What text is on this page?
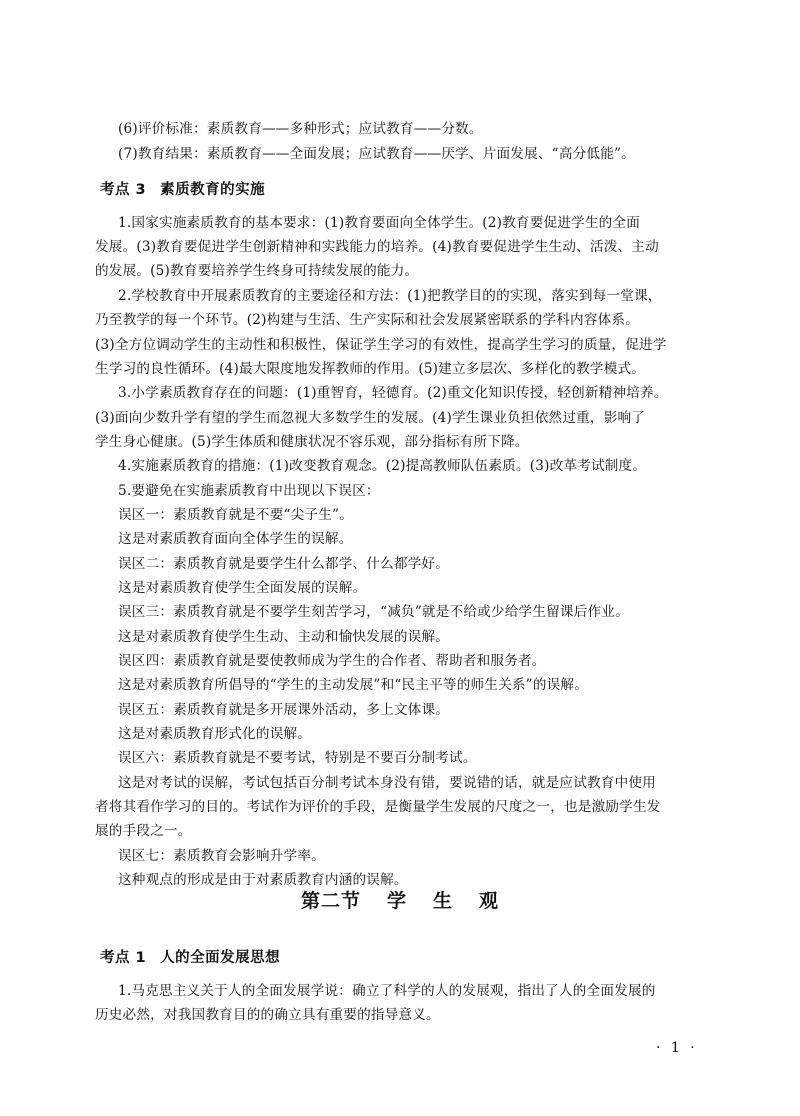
(6)评价标准：素质教育——多种形式；应试教育——分数。
(7)教育结果：素质教育——全面发展；应试教育——厌学、片面发展、“高分低能”。
考点 3 素质教育的实施
1.国家实施素质教育的基本要求：(1)教育要面向全体学生。(2)教育要促进学生的全面
发展。(3)教育要促进学生创新精神和实践能力的培养。(4)教育要促进学生生动、活泼、主动
的发展。(5)教育要培养学生终身可持续发展的能力。
2.学校教育中开展素质教育的主要途径和方法：(1)把教学目的的实现，落实到每一堂课，
乃至教学的每一个环节。(2)构建与生活、生产实际和社会发展紧密联系的学科内容体系。
(3)全方位调动学生的主动性和积极性，保证学生学习的有效性，提高学生学习的质量，促进学
生学习的良性循环。(4)最大限度地发挥教师的作用。(5)建立多层次、多样化的教学模式。
3.小学素质教育存在的问题：(1)重智育，轻德育。(2)重文化知识传授，轻创新精神培养。
(3)面向少数升学有望的学生而忽视大多数学生的发展。(4)学生课业负担依然过重，影响了
学生身心健康。(5)学生体质和健康状况不容乐观，部分指标有所下降。
4.实施素质教育的措施：(1)改变教育观念。(2)提高教师队伍素质。(3)改革考试制度。
5.要避免在实施素质教育中出现以下误区：
误区一：素质教育就是不要“尖子生”。
这是对素质教育面向全体学生的误解。
误区二：素质教育就是要学生什么都学、什么都学好。
这是对素质教育使学生全面发展的误解。
误区三：素质教育就是不要学生刻苦学习，“减负”就是不给或少给学生留课后作业。
这是对素质教育使学生生动、主动和愉快发展的误解。
误区四：素质教育就是要使教师成为学生的合作者、帮助者和服务者。
这是对素质教育所倡导的“学生的主动发展”和“民主平等的师生关系”的误解。
误区五：素质教育就是多开展课外活动，多上文体课。
这是对素质教育形式化的误解。
误区六：素质教育就是不要考试，特别是不要百分制考试。
这是对考试的误解，考试包括百分制考试本身没有错，要说错的话，就是应试教育中使用
者将其看作学习的目的。考试作为评价的手段，是衡量学生发展的尺度之一，也是激励学生发
展的手段之一。
误区七：素质教育会影响升学率。
这种观点的形成是由于对素质教育内涵的误解。
第二节 学 生 观
考点 1 人的全面发展思想
1.马克思主义关于人的全面发展学说：确立了科学的人的发展观，指出了人的全面发展的
历史必然，对我国教育目的的确立具有重要的指导意义。
· 1 ·
